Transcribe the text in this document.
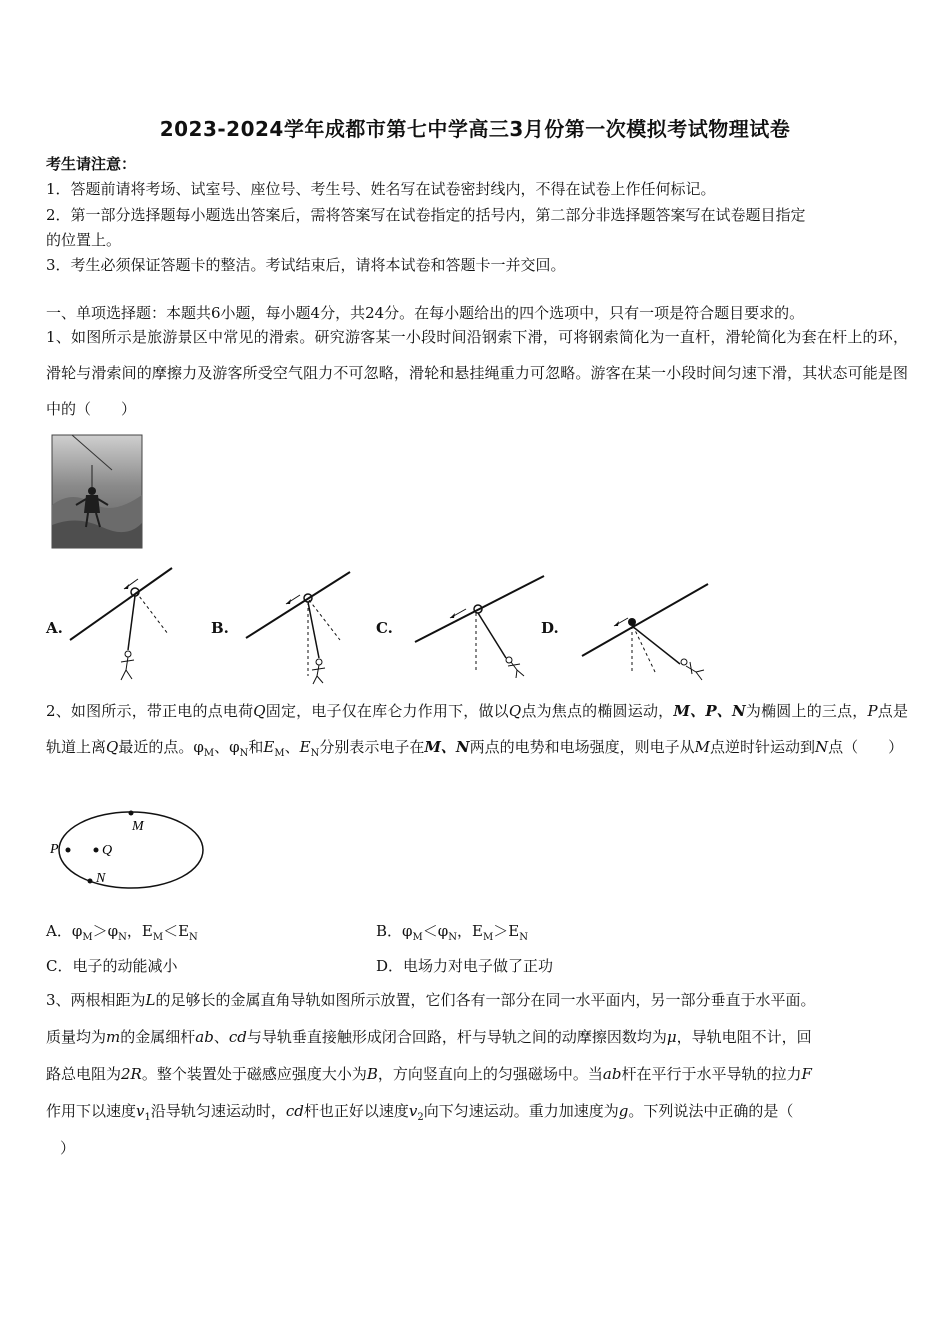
2023-2024学年成都市第七中学高三3月份第一次模拟考试物理试卷
考生请注意：
1．答题前请将考场、试室号、座位号、考生号、姓名写在试卷密封线内，不得在试卷上作任何标记。
2．第一部分选择题每小题选出答案后，需将答案写在试卷指定的括号内，第二部分非选择题答案写在试卷题目指定
的位置上。
3．考生必须保证答题卡的整洁。考试结束后，请将本试卷和答题卡一并交回。
一、单项选择题：本题共6小题，每小题4分，共24分。在每小题给出的四个选项中，只有一项是符合题目要求的。
1、如图所示是旅游景区中常见的滑索。研究游客某一小段时间沿钢索下滑，可将钢索简化为一直杆，滑轮简化为套在杆上的环，滑轮与滑索间的摩擦力及游客所受空气阻力不可忽略，滑轮和悬挂绳重力可忽略。游客在某一小段时间匀速下滑，其状态可能是图中的（　　）
A.	B.	C.	D.
2、如图所示，带正电的点电荷Q固定，电子仅在库仑力作用下，做以Q点为焦点的椭圆运动，M、P、N为椭圆上的三点，P点是轨道上离Q最近的点。$\varphi_M$、$\varphi_N$和$E_M$、$E_N$分别表示电子在M、N两点的电势和电场强度，则电子从M点逆时针运动到N点（　　）
P	Q
M
N
A．$\varphi_M>\varphi_N$，$E_M<E_N$	B．$\varphi_M<\varphi_N$，$E_M>E_N$
C．电子的动能减小	D．电场力对电子做了正功
3、两根相距为L的足够长的金属直角导轨如图所示放置，它们各有一部分在同一水平面内，另一部分垂直于水平面。
质量均为m的金属细杆ab、cd与导轨垂直接触形成闭合回路，杆与导轨之间的动摩擦因数均为μ，导轨电阻不计，回
路总电阻为2R。整个装置处于磁感应强度大小为B，方向竖直向上的匀强磁场中。当ab杆在平行于水平导轨的拉力F
作用下以速度$v_1$沿导轨匀速运动时，cd杆也正好以速度$v_2$向下匀速运动。重力加速度为g。下列说法中正确的是（
）
